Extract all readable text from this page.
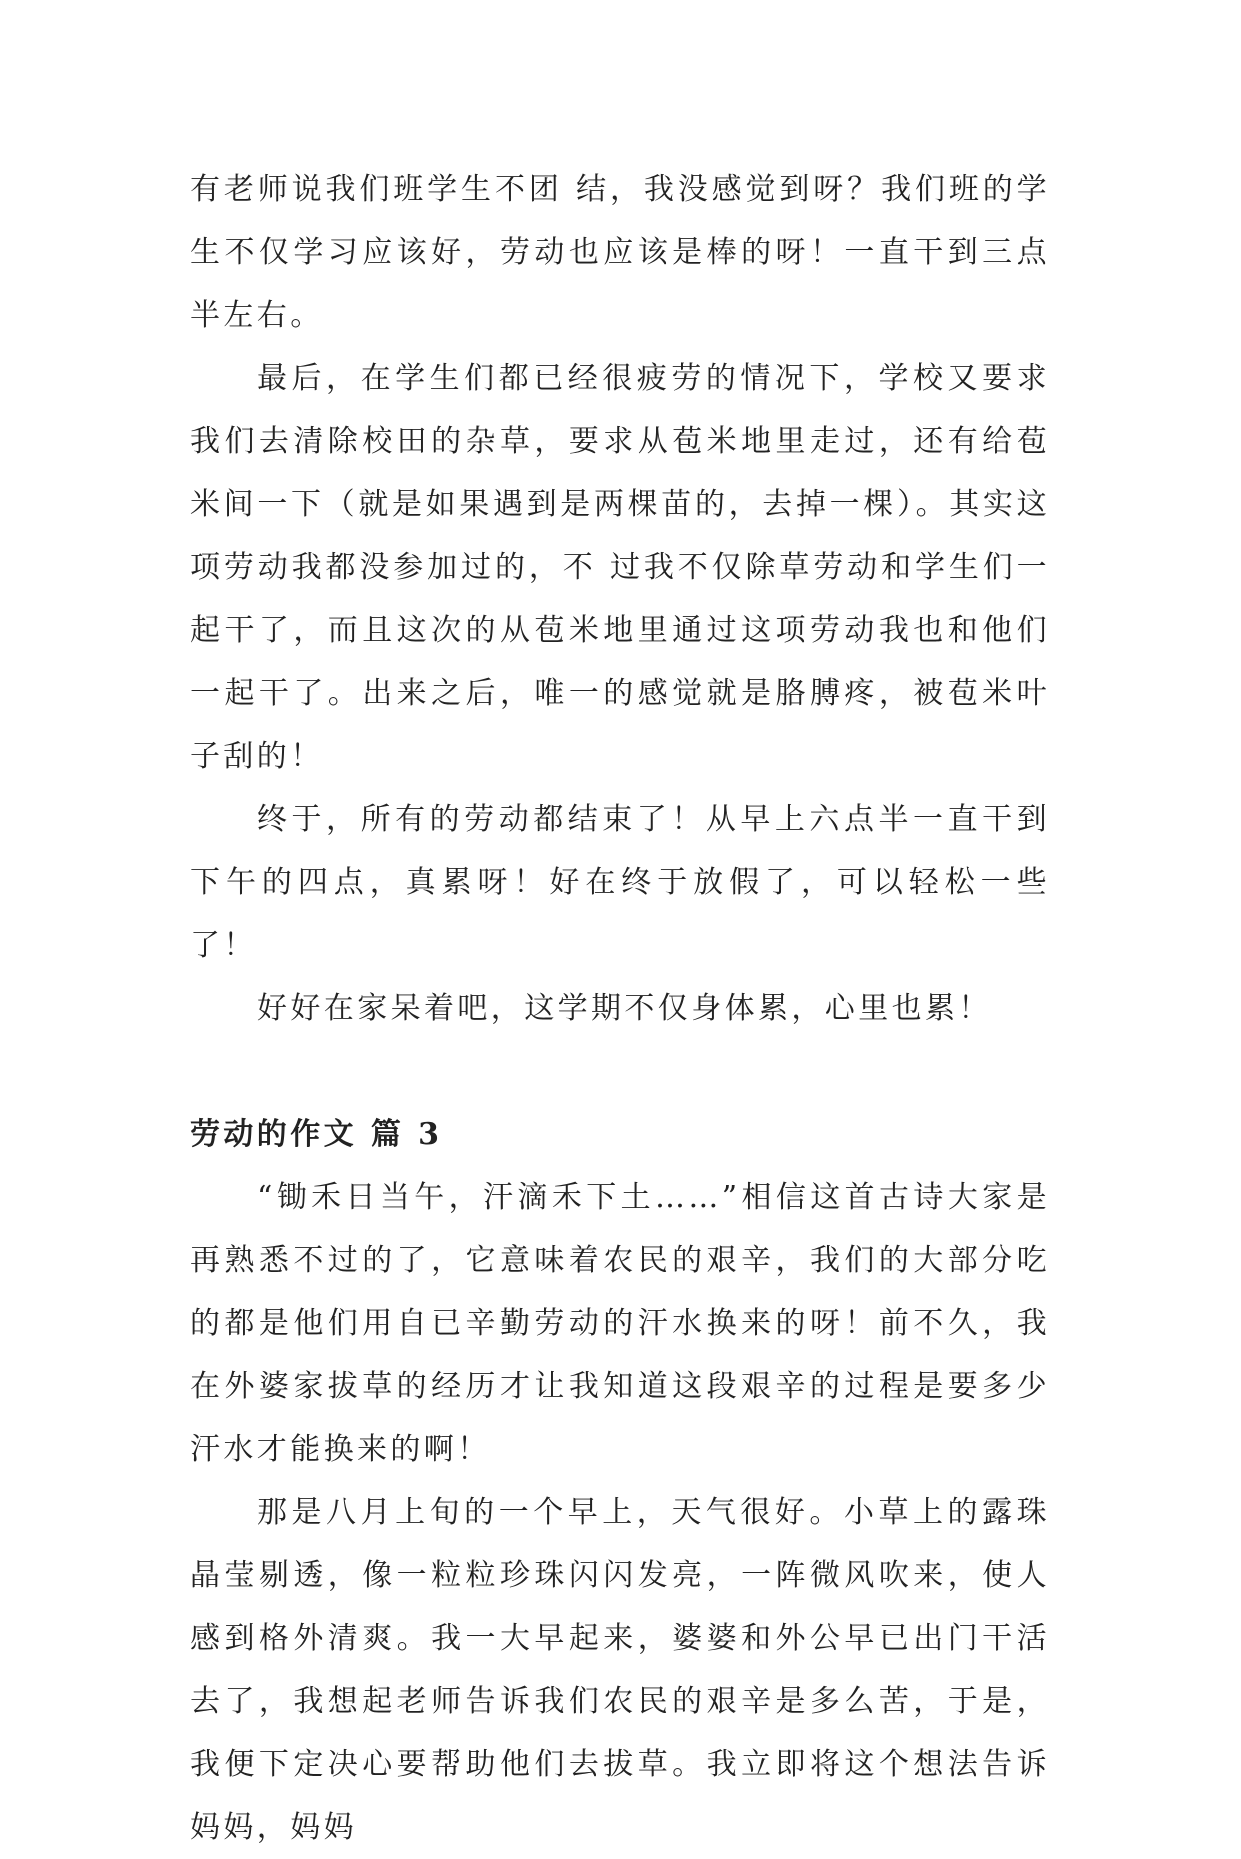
有老师说我们班学生不团 结，我没感觉到呀？我们班的学生不仅学习应该好，劳动也应该是棒的呀！一直干到三点半左右。

最后，在学生们都已经很疲劳的情况下，学校又要求我们去清除校田的杂草，要求从苞米地里走过，还有给苞米间一下（就是如果遇到是两棵苗的，去掉一棵）。其实这项劳动我都没参加过的，不 过我不仅除草劳动和学生们一起干了，而且这次的从苞米地里通过这项劳动我也和他们一起干了。出来之后，唯一的感觉就是胳膊疼，被苞米叶子刮的！

终于，所有的劳动都结束了！从早上六点半一直干到下午的四点，真累呀！好在终于放假了，可以轻松一些了！

好好在家呆着吧，这学期不仅身体累，心里也累！

劳动的作文 篇 3

“锄禾日当午，汗滴禾下土……”相信这首古诗大家是再熟悉不过的了，它意味着农民的艰辛，我们的大部分吃的都是他们用自已辛勤劳动的汗水换来的呀！前不久，我在外婆家拔草的经历才让我知道这段艰辛的过程是要多少汗水才能换来的啊！

那是八月上旬的一个早上，天气很好。小草上的露珠晶莹剔透，像一粒粒珍珠闪闪发亮，一阵微风吹来，使人感到格外清爽。我一大早起来，婆婆和外公早已出门干活去了，我想起老师告诉我们农民的艰辛是多么苦，于是，我便下定决心要帮助他们去拔草。我立即将这个想法告诉妈妈，妈妈
